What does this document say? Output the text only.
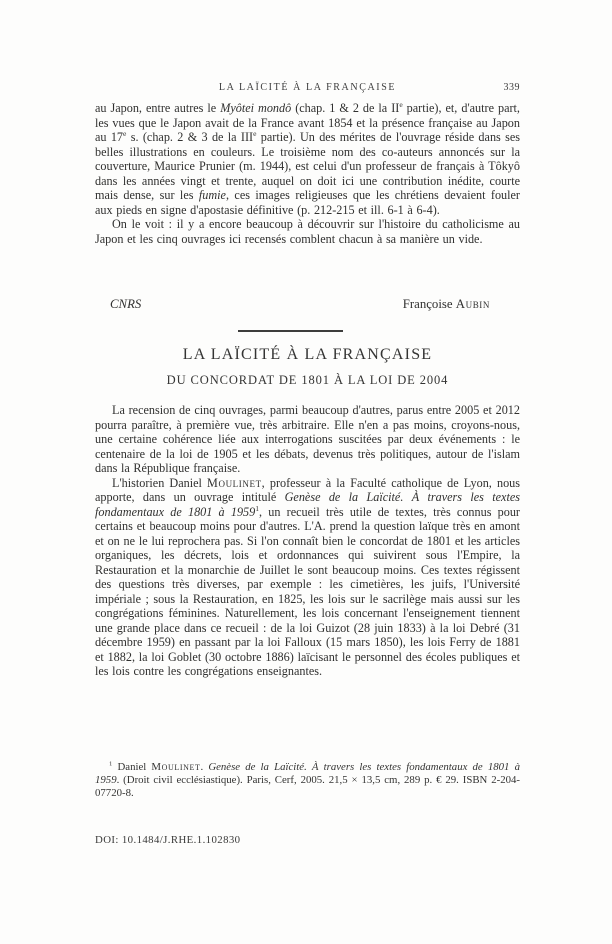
LA LAÏCITÉ À LA FRANÇAISE	339

au Japon, entre autres le Myôtei mondô (chap. 1 & 2 de la IIe partie), et, d'autre part, les vues que le Japon avait de la France avant 1854 et la présence française au Japon au 17e s. (chap. 2 & 3 de la IIIe partie). Un des mérites de l'ouvrage réside dans ses belles illustrations en couleurs. Le troisième nom des co-auteurs annoncés sur la couverture, Maurice Prunier (m. 1944), est celui d'un professeur de français à Tôkyô dans les années vingt et trente, auquel on doit ici une contribution inédite, courte mais dense, sur les fumie, ces images religieuses que les chrétiens devaient fouler aux pieds en signe d'apostasie définitive (p. 212-215 et ill. 6-1 à 6-4).

On le voit : il y a encore beaucoup à découvrir sur l'histoire du catholicisme au Japon et les cinq ouvrages ici recensés comblent chacun à sa manière un vide.

CNRS	Françoise Aubin
LA LAÏCITÉ À LA FRANÇAISE
DU CONCORDAT DE 1801 À LA LOI DE 2004

La recension de cinq ouvrages, parmi beaucoup d'autres, parus entre 2005 et 2012 pourra paraître, à première vue, très arbitraire. Elle n'en a pas moins, croyons-nous, une certaine cohérence liée aux interrogations suscitées par deux événements : le centenaire de la loi de 1905 et les débats, devenus très politiques, autour de l'islam dans la République française.

L'historien Daniel Moulinet, professeur à la Faculté catholique de Lyon, nous apporte, dans un ouvrage intitulé Genèse de la Laïcité. À travers les textes fondamentaux de 1801 à 1959$^1$, un recueil très utile de textes, très connus pour certains et beaucoup moins pour d'autres. L'A. prend la question laïque très en amont et on ne le lui reprochera pas. Si l'on connaît bien le concordat de 1801 et les articles organiques, les décrets, lois et ordonnances qui suivirent sous l'Empire, la Restauration et la monarchie de Juillet le sont beaucoup moins. Ces textes régissent des questions très diverses, par exemple : les cimetières, les juifs, l'Université impériale ; sous la Restauration, en 1825, les lois sur le sacrilège mais aussi sur les congrégations féminines. Naturellement, les lois concernant l'enseignement tiennent une grande place dans ce recueil : de la loi Guizot (28 juin 1833) à la loi Debré (31 décembre 1959) en passant par la loi Falloux (15 mars 1850), les lois Ferry de 1881 et 1882, la loi Goblet (30 octobre 1886) laïcisant le personnel des écoles publiques et les lois contre les congrégations enseignantes.

$^1$ Daniel Moulinet. Genèse de la Laïcité. À travers les textes fondamentaux de 1801 à 1959. (Droit civil ecclésiastique). Paris, Cerf, 2005. 21,5 × 13,5 cm, 289 p. € 29. ISBN 2-204-07720-8.

DOI: 10.1484/J.RHE.1.102830
